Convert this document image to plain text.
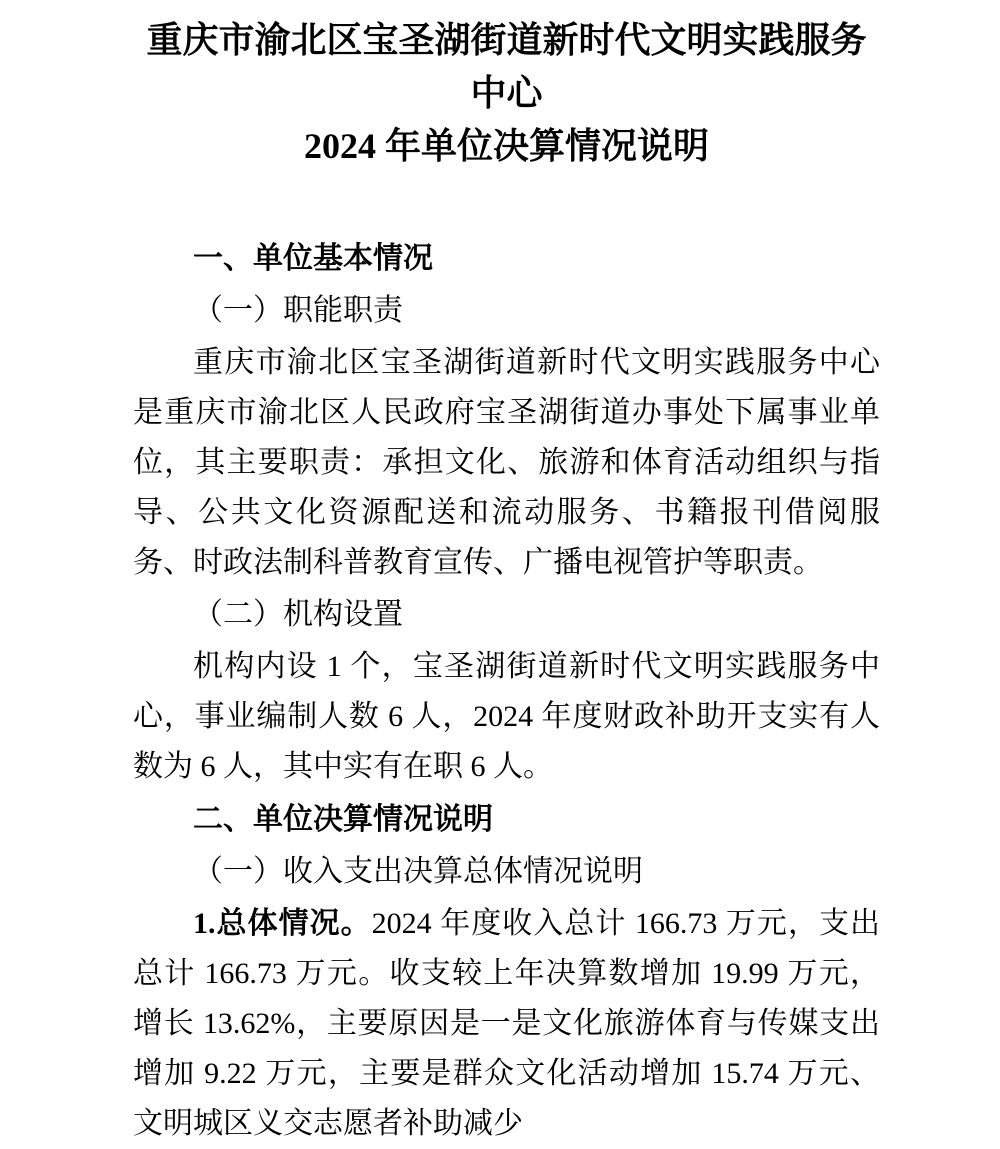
重庆市渝北区宝圣湖街道新时代文明实践服务
中心
2024 年单位决算情况说明
一、单位基本情况
（一）职能职责

重庆市渝北区宝圣湖街道新时代文明实践服务中心是重庆市渝北区人民政府宝圣湖街道办事处下属事业单位，其主要职责：承担文化、旅游和体育活动组织与指导、公共文化资源配送和流动服务、书籍报刊借阅服务、时政法制科普教育宣传、广播电视管护等职责。

（二）机构设置

机构内设 1 个，宝圣湖街道新时代文明实践服务中心，事业编制人数 6 人，2024 年度财政补助开支实有人数为 6 人，其中实有在职 6 人。

二、单位决算情况说明
（一）收入支出决算总体情况说明

1.总体情况。2024 年度收入总计 166.73 万元，支出总计 166.73 万元。收支较上年决算数增加 19.99 万元，增长 13.62%，主要原因是一是文化旅游体育与传媒支出增加 9.22 万元，主要是群众文化活动增加 15.74 万元、文明城区义交志愿者补助减少
